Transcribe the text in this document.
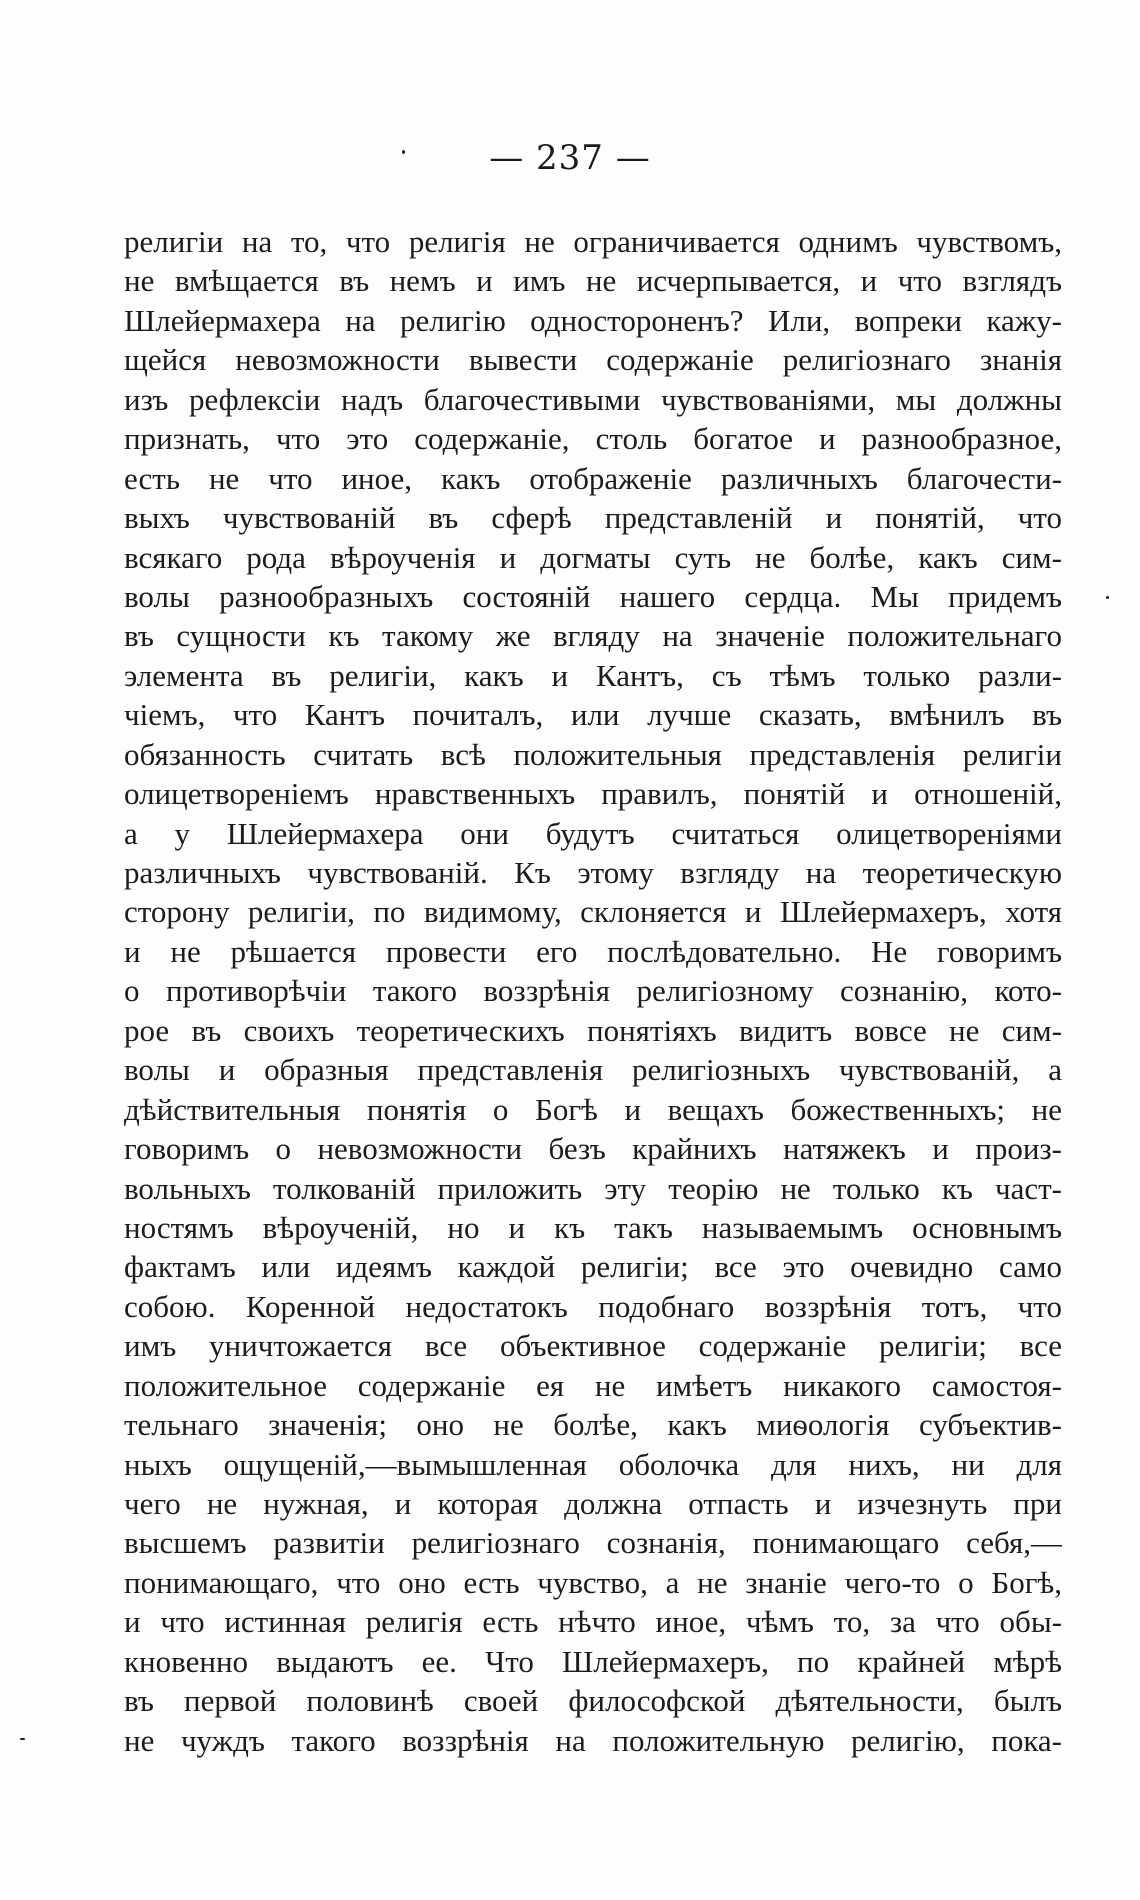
— 237 —
религіи на то, что религія не ограничивается однимъ чувствомъ,
не вмѣщается въ немъ и имъ не исчерпывается, и что взглядъ
Шлейермахера на религію одностороненъ? Или, вопреки кажу-
щейся невозможности вывести содержаніе религіознаго знанія
изъ рефлексіи надъ благочестивыми чувствованіями, мы должны
признать, что это содержаніе, столь богатое и разнообразное,
есть не что иное, какъ отображеніе различныхъ благочести-
выхъ чувствованій въ сферѣ представленій и понятій, что
всякаго рода вѣроученія и догматы суть не болѣе, какъ сим-
волы разнообразныхъ состояній нашего сердца. Мы придемъ
въ сущности къ такому же вгляду на значеніе положительнаго
элемента въ религіи, какъ и Кантъ, съ тѣмъ только разли-
чіемъ, что Кантъ почиталъ, или лучше сказать, вмѣнилъ въ
обязанность считать всѣ положительныя представленія религіи
олицетвореніемъ нравственныхъ правилъ, понятій и отношеній,
а у Шлейермахера они будутъ считаться олицетвореніями
различныхъ чувствованій. Къ этому взгляду на теоретическую
сторону религіи, по видимому, склоняется и Шлейермахеръ, хотя
и не рѣшается провести его послѣдовательно. Не говоримъ
о противорѣчіи такого воззрѣнія религіозному сознанію, кото-
рое въ своихъ теоретическихъ понятіяхъ видитъ вовсе не сим-
волы и образныя представленія религіозныхъ чувствованій, а
дѣйствительныя понятія о Богѣ и вещахъ божественныхъ; не
говоримъ о невозможности безъ крайнихъ натяжекъ и произ-
вольныхъ толкованій приложить эту теорію не только къ част-
ностямъ вѣроученій, но и къ такъ называемымъ основнымъ
фактамъ или идеямъ каждой религіи; все это очевидно само
собою. Коренной недостатокъ подобнаго воззрѣнія тотъ, что
имъ уничтожается все объективное содержаніе религіи; все
положительное содержаніе ея не имѣетъ никакого самостоя-
тельнаго значенія; оно не болѣе, какъ миѳологія субъектив-
ныхъ ощущеній,—вымышленная оболочка для нихъ, ни для
чего не нужная, и которая должна отпасть и изчезнуть при
высшемъ развитіи религіознаго сознанія, понимающаго себя,—
понимающаго, что оно есть чувство, а не знаніе чего-то о Богѣ,
и что истинная религія есть нѣчто иное, чѣмъ то, за что обы-
кновенно выдаютъ ее. Что Шлейермахеръ, по крайней мѣрѣ
въ первой половинѣ своей философской дѣятельности, былъ
не чуждъ такого воззрѣнія на положительную религію, пока-
